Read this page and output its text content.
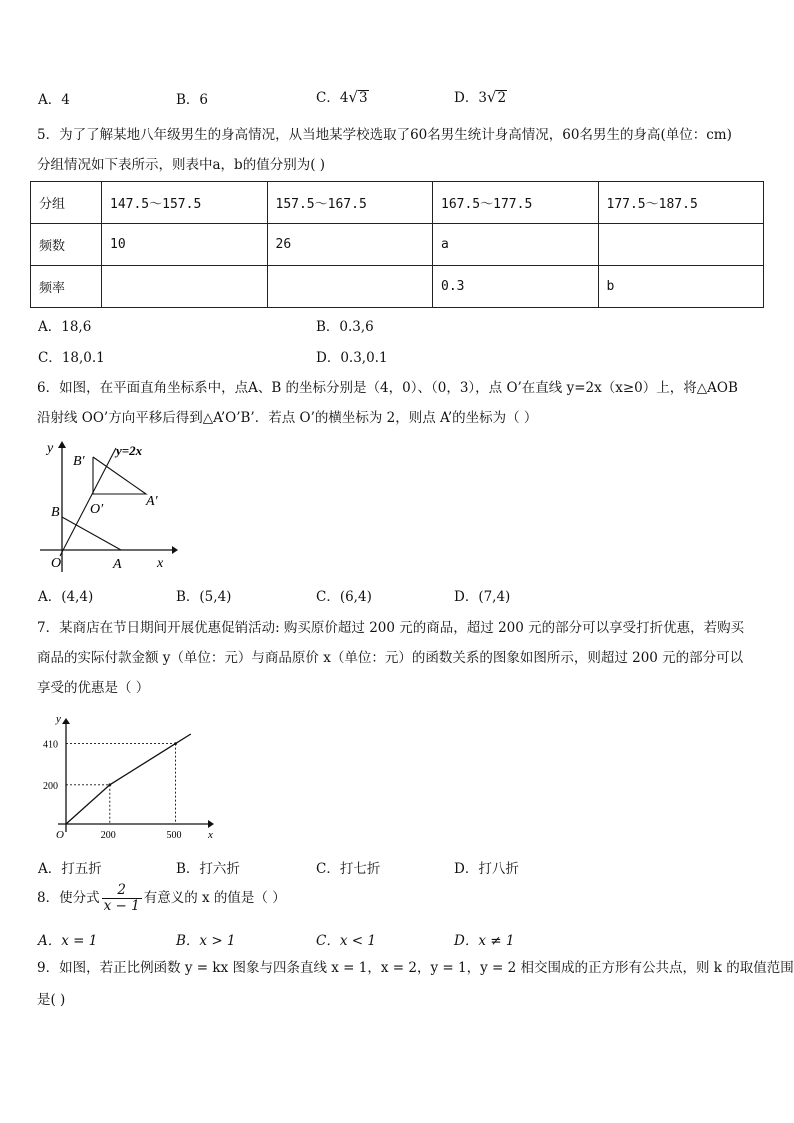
A．4	B．6	C．4√3	D．3√2
5．为了了解某地八年级男生的身高情况，从当地某学校选取了60名男生统计身高情况，60名男生的身高(单位：cm)
分组情况如下表所示，则表中a，b的值分别为( )
分组	147.5～157.5	157.5～167.5	167.5～177.5	177.5～187.5
频数	10	26	a	
频率			0.3	b
A．18,6	B．0.3,6
C．18,0.1	D．0.3,0.1
6．如图，在平面直角坐标系中，点A、B 的坐标分别是（4，0）、（0，3），点 O’在直线 y=2x（x≥0）上，将△AOB
沿射线 OO’方向平移后得到△A’O’B’．若点 O’的横坐标为 2，则点 A’的坐标为（ ）
y
x
y=2x
B′
O′
A′
B
O	A
A．(4,4)	B．(5,4)	C．(6,4)	D．(7,4)
7．某商店在节日期间开展优惠促销活动: 购买原价超过 200 元的商品，超过 200 元的部分可以享受打折优惠，若购买
商品的实际付款金额 y（单位：元）与商品原价 x（单位：元）的函数关系的图象如图所示，则超过 200 元的部分可以
享受的优惠是（ ）
200	500
410
200
y
x
O
A．打五折	B．打六折	C．打七折	D．打八折
8．使分式 $\frac{2}{x - 1}$ 有意义的 x 的值是（ ）
A．x = 1	B．x > 1	C．x < 1	D．x ≠ 1
9．如图，若正比例函数 y = kx 图象与四条直线 x = 1，x = 2，y = 1，y = 2 相交围成的正方形有公共点，则 k 的取值范围
是( )
